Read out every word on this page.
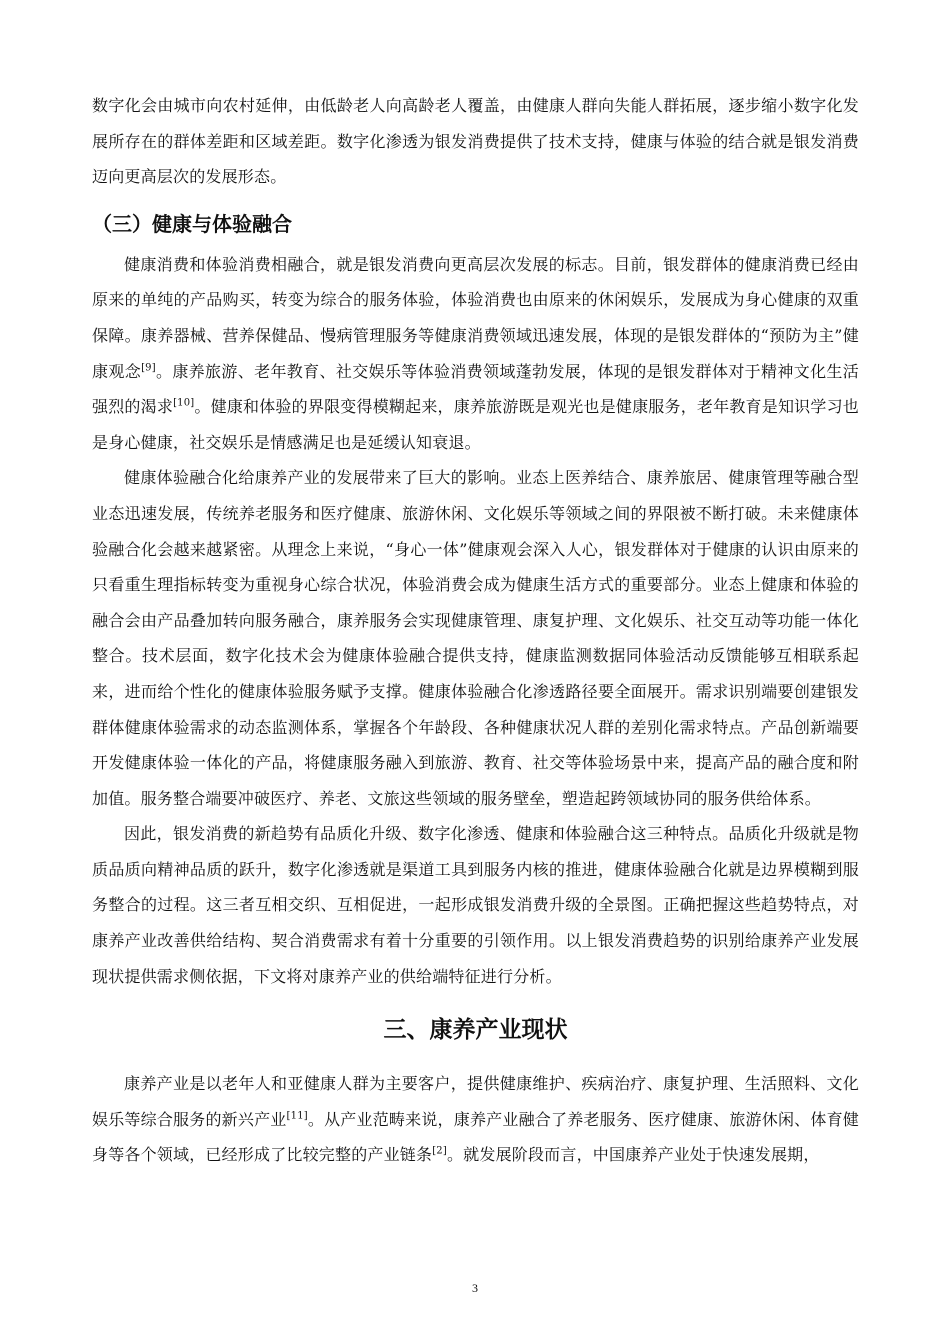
数字化会由城市向农村延伸，由低龄老人向高龄老人覆盖，由健康人群向失能人群拓展，逐步缩小数字化发展所存在的群体差距和区域差距。数字化渗透为银发消费提供了技术支持，健康与体验的结合就是银发消费迈向更高层次的发展形态。

（三）健康与体验融合

健康消费和体验消费相融合，就是银发消费向更高层次发展的标志。目前，银发群体的健康消费已经由原来的单纯的产品购买，转变为综合的服务体验，体验消费也由原来的休闲娱乐，发展成为身心健康的双重保障。康养器械、营养保健品、慢病管理服务等健康消费领域迅速发展，体现的是银发群体的“预防为主”健康观念[9]。康养旅游、老年教育、社交娱乐等体验消费领域蓬勃发展，体现的是银发群体对于精神文化生活强烈的渴求[10]。健康和体验的界限变得模糊起来，康养旅游既是观光也是健康服务，老年教育是知识学习也是身心健康，社交娱乐是情感满足也是延缓认知衰退。

健康体验融合化给康养产业的发展带来了巨大的影响。业态上医养结合、康养旅居、健康管理等融合型业态迅速发展，传统养老服务和医疗健康、旅游休闲、文化娱乐等领域之间的界限被不断打破。未来健康体验融合化会越来越紧密。从理念上来说，“身心一体”健康观会深入人心，银发群体对于健康的认识由原来的只看重生理指标转变为重视身心综合状况，体验消费会成为健康生活方式的重要部分。业态上健康和体验的融合会由产品叠加转向服务融合，康养服务会实现健康管理、康复护理、文化娱乐、社交互动等功能一体化整合。技术层面，数字化技术会为健康体验融合提供支持，健康监测数据同体验活动反馈能够互相联系起来，进而给个性化的健康体验服务赋予支撑。健康体验融合化渗透路径要全面展开。需求识别端要创建银发群体健康体验需求的动态监测体系，掌握各个年龄段、各种健康状况人群的差别化需求特点。产品创新端要开发健康体验一体化的产品，将健康服务融入到旅游、教育、社交等体验场景中来，提高产品的融合度和附加值。服务整合端要冲破医疗、养老、文旅这些领域的服务壁垒，塑造起跨领域协同的服务供给体系。

因此，银发消费的新趋势有品质化升级、数字化渗透、健康和体验融合这三种特点。品质化升级就是物质品质向精神品质的跃升，数字化渗透就是渠道工具到服务内核的推进，健康体验融合化就是边界模糊到服务整合的过程。这三者互相交织、互相促进，一起形成银发消费升级的全景图。正确把握这些趋势特点，对康养产业改善供给结构、契合消费需求有着十分重要的引领作用。以上银发消费趋势的识别给康养产业发展现状提供需求侧依据，下文将对康养产业的供给端特征进行分析。

三、康养产业现状

康养产业是以老年人和亚健康人群为主要客户，提供健康维护、疾病治疗、康复护理、生活照料、文化娱乐等综合服务的新兴产业[11]。从产业范畴来说，康养产业融合了养老服务、医疗健康、旅游休闲、体育健身等各个领域，已经形成了比较完整的产业链条[2]。就发展阶段而言，中国康养产业处于快速发展期，

3
